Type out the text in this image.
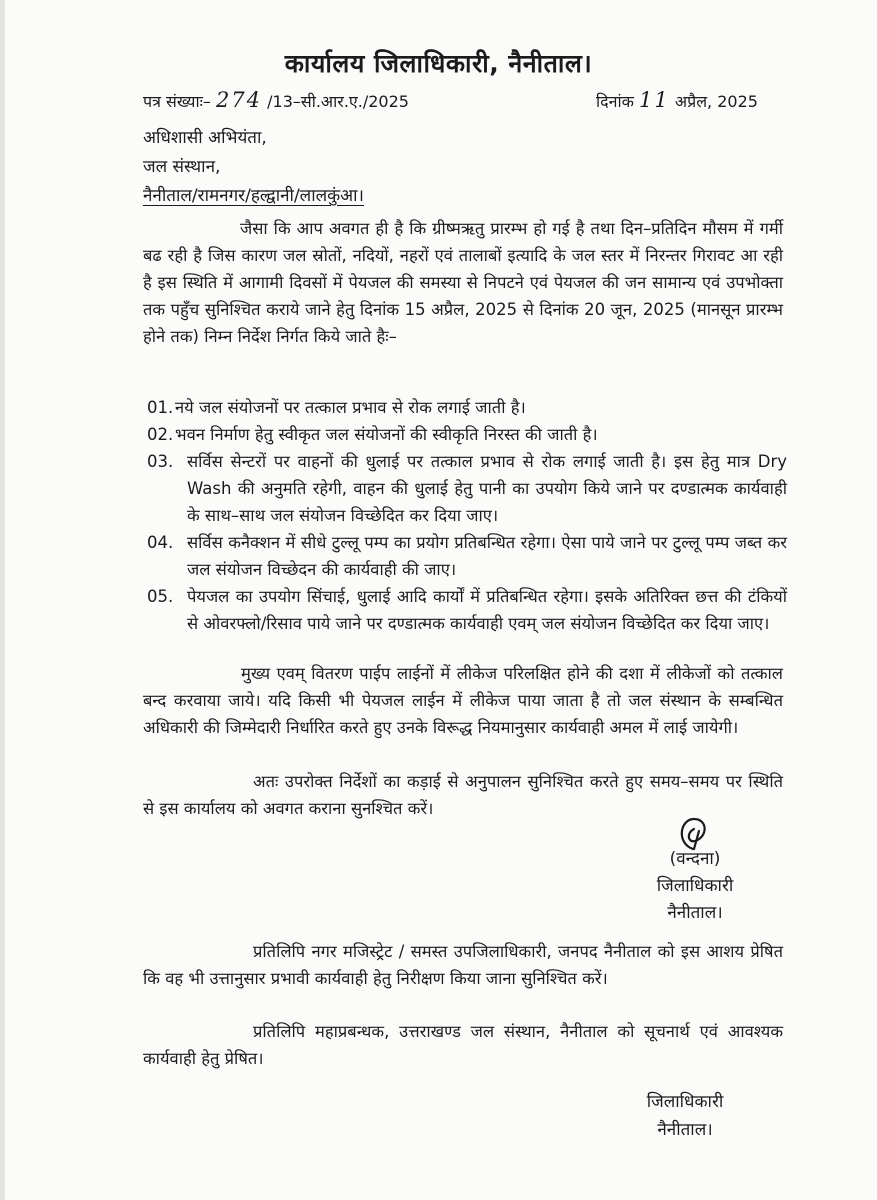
कार्यालय जिलाधिकारी, नैनीताल।
पत्र संख्याः– 274 /13–सी.आर.ए./2025	दिनांक 11 अप्रैल, 2025
अधिशासी अभियंता,
जल संस्थान,
नैनीताल/रामनगर/हल्द्वानी/लालकुंआ।
जैसा कि आप अवगत ही है कि ग्रीष्मऋतु प्रारम्भ हो गई है तथा दिन–प्रतिदिन मौसम में गर्मी बढ रही है जिस कारण जल स्रोतों, नदियों, नहरों एवं तालाबों इत्यादि के जल स्तर में निरन्तर गिरावट आ रही है इस स्थिति में आगामी दिवसों में पेयजल की समस्या से निपटने एवं पेयजल की जन सामान्य एवं उपभोक्ता तक पहुँच सुनिश्चित कराये जाने हेतु दिनांक 15 अप्रैल, 2025 से दिनांक 20 जून, 2025 (मानसून प्रारम्भ होने तक) निम्न निर्देश निर्गत किये जाते हैः–
01. नये जल संयोजनों पर तत्काल प्रभाव से रोक लगाई जाती है।
02. भवन निर्माण हेतु स्वीकृत जल संयोजनों की स्वीकृति निरस्त की जाती है।
03. सर्विस सेन्टरों पर वाहनों की धुलाई पर तत्काल प्रभाव से रोक लगाई जाती है। इस हेतु मात्र Dry Wash की अनुमति रहेगी, वाहन की धुलाई हेतु पानी का उपयोग किये जाने पर दण्डात्मक कार्यवाही के साथ–साथ जल संयोजन विच्छेदित कर दिया जाए।
04. सर्विस कनैक्शन में सीधे टुल्लू पम्प का प्रयोग प्रतिबन्धित रहेगा। ऐसा पाये जाने पर टुल्लू पम्प जब्त कर जल संयोजन विच्छेदन की कार्यवाही की जाए।
05. पेयजल का उपयोग सिंचाई, धुलाई आदि कार्यों में प्रतिबन्धित रहेगा। इसके अतिरिक्त छत्त की टंकियों से ओवरफ्लो/रिसाव पाये जाने पर दण्डात्मक कार्यवाही एवम् जल संयोजन विच्छेदित कर दिया जाए।
मुख्य एवम् वितरण पाईप लाईनों में लीकेज परिलक्षित होने की दशा में लीकेजों को तत्काल बन्द करवाया जाये। यदि किसी भी पेयजल लाईन में लीकेज पाया जाता है तो जल संस्थान के सम्बन्धित अधिकारी की जिम्मेदारी निर्धारित करते हुए उनके विरूद्ध नियमानुसार कार्यवाही अमल में लाई जायेगी।
अतः उपरोक्त निर्देशों का कड़ाई से अनुपालन सुनिश्चित करते हुए समय–समय पर स्थिति से इस कार्यालय को अवगत कराना सुनश्चित करें।
(वन्दना)
जिलाधिकारी
नैनीताल।
प्रतिलिपि नगर मजिस्ट्रेट / समस्त उपजिलाधिकारी, जनपद नैनीताल को इस आशय प्रेषित कि वह भी उत्तानुसार प्रभावी कार्यवाही हेतु निरीक्षण किया जाना सुनिश्चित करें।
प्रतिलिपि महाप्रबन्धक, उत्तराखण्ड जल संस्थान, नैनीताल को सूचनार्थ एवं आवश्यक कार्यवाही हेतु प्रेषित।
जिलाधिकारी
नैनीताल।
